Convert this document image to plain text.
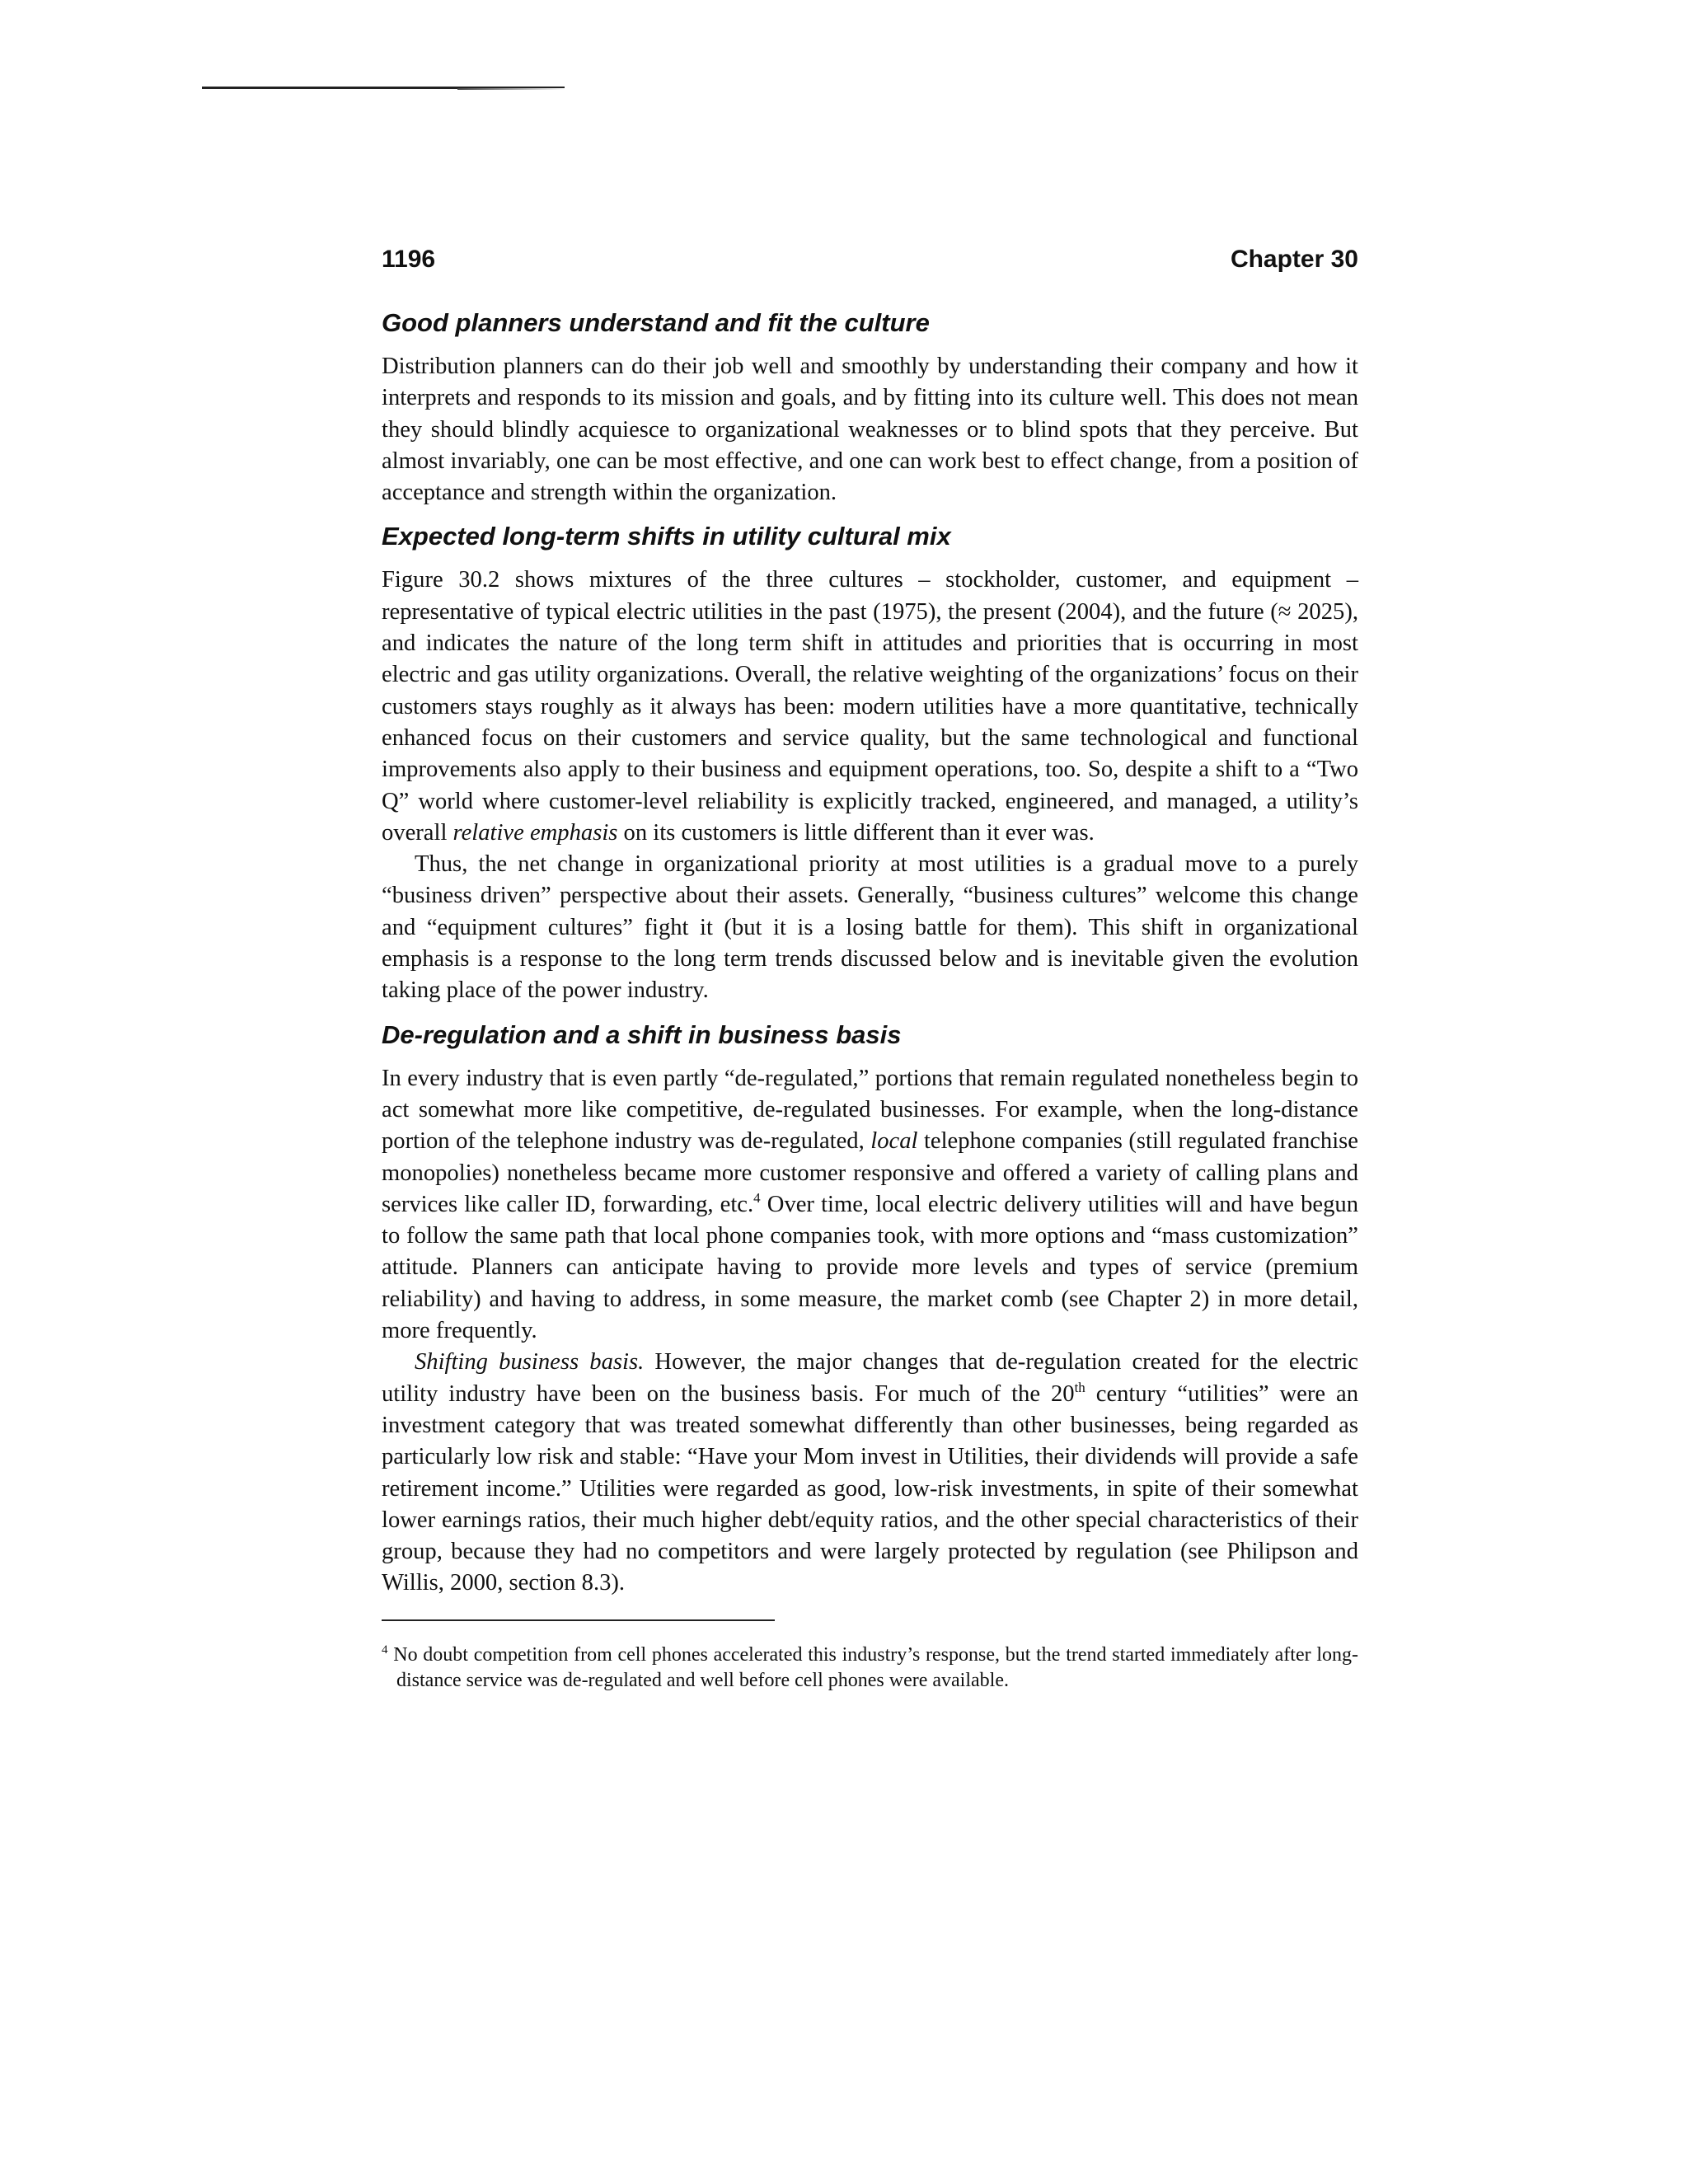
1196	Chapter 30
Good planners understand and fit the culture

Distribution planners can do their job well and smoothly by understanding their company and how it interprets and responds to its mission and goals, and by fitting into its culture well. This does not mean they should blindly acquiesce to organizational weaknesses or to blind spots that they perceive. But almost invariably, one can be most effective, and one can work best to effect change, from a position of acceptance and strength within the organization.

Expected long-term shifts in utility cultural mix

Figure 30.2 shows mixtures of the three cultures – stockholder, customer, and equipment – representative of typical electric utilities in the past (1975), the present (2004), and the future (≈ 2025), and indicates the nature of the long term shift in attitudes and priorities that is occurring in most electric and gas utility organizations. Overall, the relative weighting of the organizations’ focus on their customers stays roughly as it always has been: modern utilities have a more quantitative, technically enhanced focus on their customers and service quality, but the same technological and functional improvements also apply to their business and equipment operations, too. So, despite a shift to a “Two Q” world where customer-level reliability is explicitly tracked, engineered, and managed, a utility’s overall relative emphasis on its customers is little different than it ever was.

Thus, the net change in organizational priority at most utilities is a gradual move to a purely “business driven” perspective about their assets. Generally, “business cultures” welcome this change and “equipment cultures” fight it (but it is a losing battle for them). This shift in organizational emphasis is a response to the long term trends discussed below and is inevitable given the evolution taking place of the power industry.

De-regulation and a shift in business basis

In every industry that is even partly “de-regulated,” portions that remain regulated nonetheless begin to act somewhat more like competitive, de-regulated businesses. For example, when the long-distance portion of the telephone industry was de-regulated, local telephone companies (still regulated franchise monopolies) nonetheless became more customer responsive and offered a variety of calling plans and services like caller ID, forwarding, etc.$^4$ Over time, local electric delivery utilities will and have begun to follow the same path that local phone companies took, with more options and “mass customization” attitude. Planners can anticipate having to provide more levels and types of service (premium reliability) and having to address, in some measure, the market comb (see Chapter 2) in more detail, more frequently.

Shifting business basis. However, the major changes that de-regulation created for the electric utility industry have been on the business basis. For much of the 20th century “utilities” were an investment category that was treated somewhat differently than other businesses, being regarded as particularly low risk and stable: “Have your Mom invest in Utilities, their dividends will provide a safe retirement income.” Utilities were regarded as good, low-risk investments, in spite of their somewhat lower earnings ratios, their much higher debt/equity ratios, and the other special characteristics of their group, because they had no competitors and were largely protected by regulation (see Philipson and Willis, 2000, section 8.3).

$^4$ No doubt competition from cell phones accelerated this industry’s response, but the trend started immediately after long-distance service was de-regulated and well before cell phones were available.
